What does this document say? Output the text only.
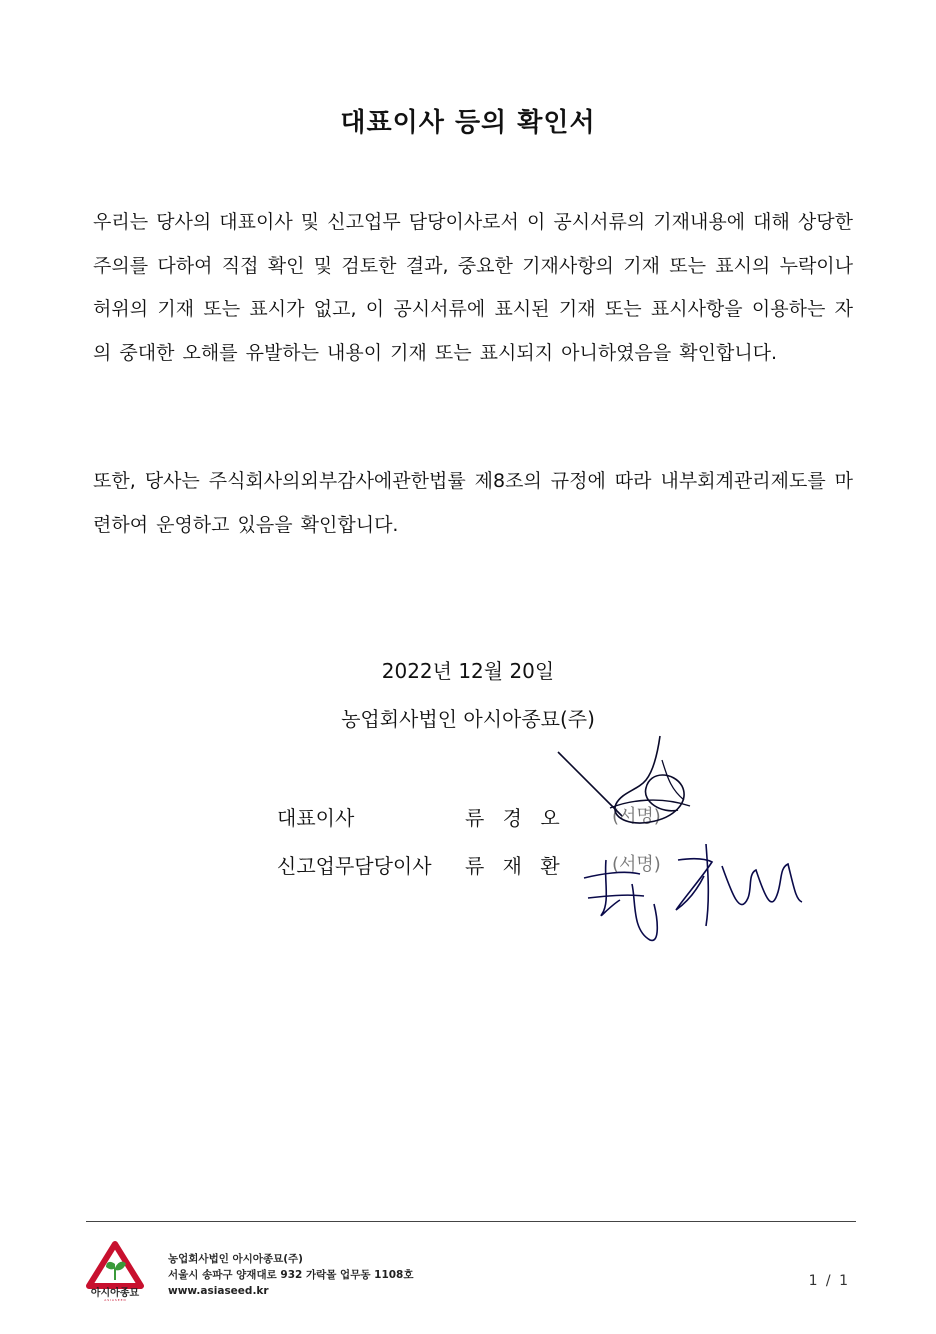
대표이사 등의 확인서

우리는 당사의 대표이사 및 신고업무 담당이사로서 이 공시서류의 기재내용에 대해 상당한 주의를 다하여 직접 확인 및 검토한 결과, 중요한 기재사항의 기재 또는 표시의 누락이나 허위의 기재 또는 표시가 없고, 이 공시서류에 표시된 기재 또는 표시사항을 이용하는 자의 중대한 오해를 유발하는 내용이 기재 또는 표시되지 아니하였음을 확인합니다.

또한, 당사는 주식회사의외부감사에관한법률 제8조의 규정에 따라 내부회계관리제도를 마련하여 운영하고 있음을 확인합니다.

2022년 12월 20일
농업회사법인 아시아종묘(주)
대표이사	류 경 오	(서명)
신고업무담당이사 류 재 환	(서명)
아시아종묘
A S I A S E E D
농업회사법인 아시아종묘(주)
서울시 송파구 양재대로 932 가락몰 업무동 1108호
www.asiaseed.kr
1 / 1
